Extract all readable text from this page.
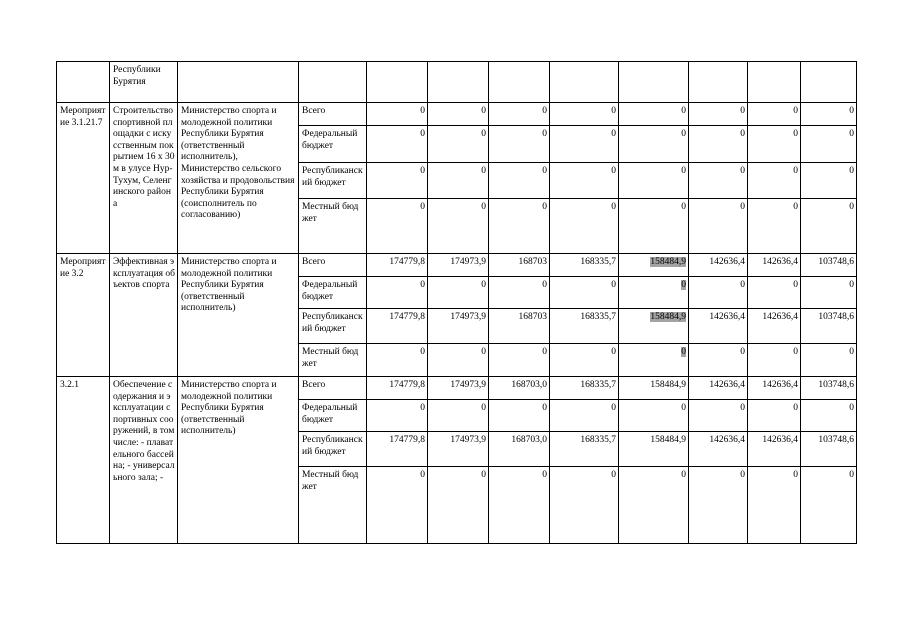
	Республики
Бурятия										

Мероприятие 3.1.21.7	Строительство спортивной площадки с искусственным покрытием 16 х 30 м в улусе Нур-Тухум, Селенгинского района	Министерство спорта и молодежной политики Республики Бурятия (ответственный исполнитель), Министерство сельского хозяйства и продовольствия Республики Бурятия (соисполнитель по согласованию)	Всего	0	0	0	0	0	0	0	0
			Федеральный бюджет	0	0	0	0	0	0	0	0
			Республиканский бюджет	0	0	0	0	0	0	0	0
			Местный бюджет	0	0	0	0	0	0	0	0
Мероприятие 3.2	Эффективная эксплуатация объектов спорта	Министерство спорта и молодежной политики Республики Бурятия (ответственный исполнитель)	Всего	174779,8	174973,9	168703	168335,7	158484,9	142636,4	142636,4	103748,6
			Федеральный бюджет	0	0	0	0	0	0	0	0
			Республиканский бюджет	174779,8	174973,9	168703	168335,7	158484,9	142636,4	142636,4	103748,6
			Местный бюджет	0	0	0	0	0	0	0	0
3.2.1	Обеспечение содержания и эксплуатации спортивных сооружений, в том числе: - плавательного бассейна; - универсального зала; -	Министерство спорта и молодежной политики Республики Бурятия (ответственный исполнитель)	Всего	174779,8	174973,9	168703,0	168335,7	158484,9	142636,4	142636,4	103748,6
			Федеральный бюджет	0	0	0	0	0	0	0	0
			Республиканский бюджет	174779,8	174973,9	168703,0	168335,7	158484,9	142636,4	142636,4	103748,6
			Местный бюджет	0	0	0	0	0	0	0	0
